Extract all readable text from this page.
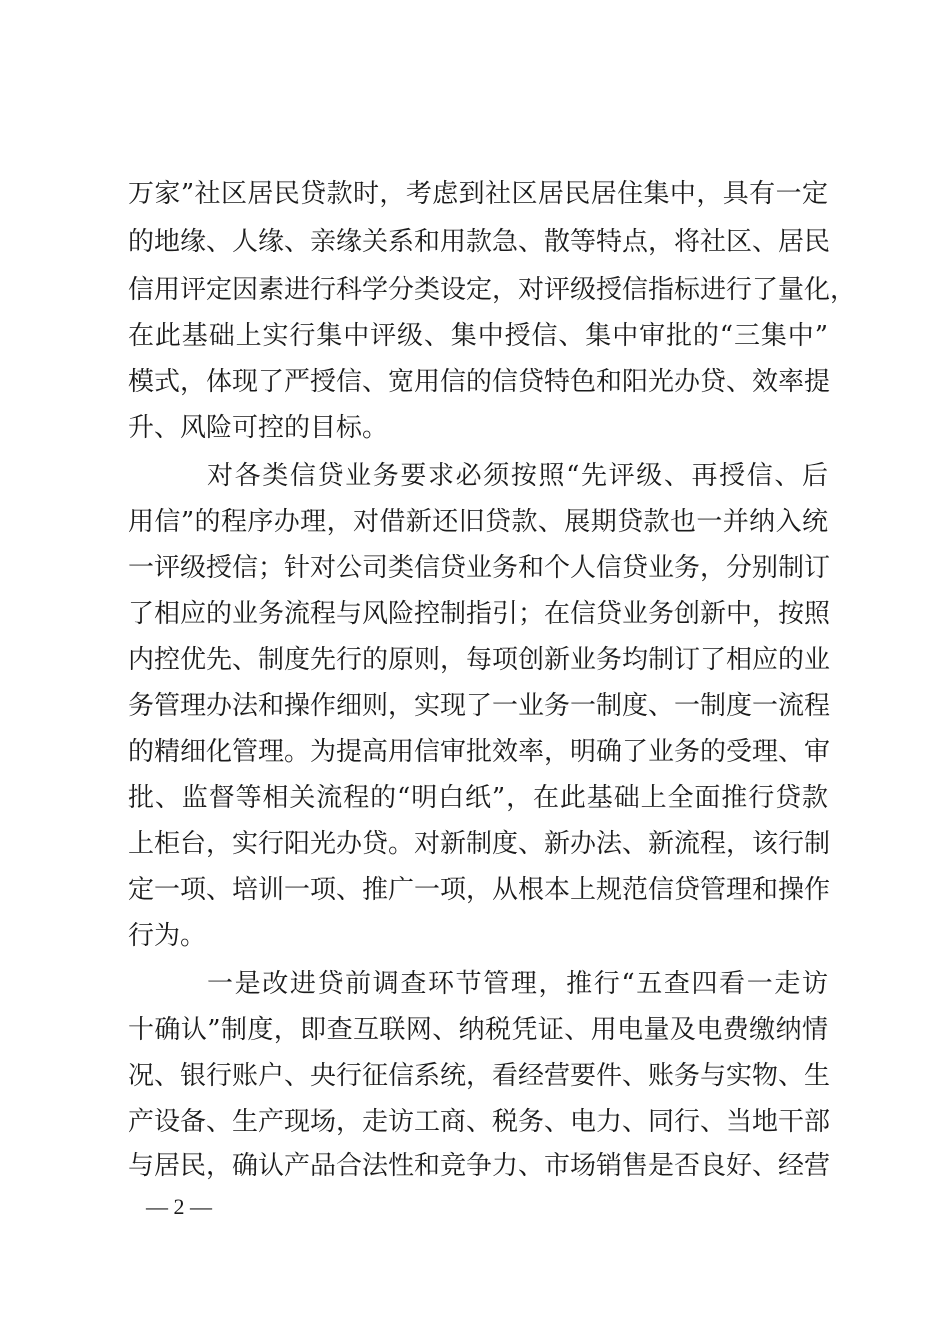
万家”社区居民贷款时，考虑到社区居民居住集中，具有一定
的地缘、人缘、亲缘关系和用款急、散等特点，将社区、居民
信用评定因素进行科学分类设定，对评级授信指标进行了量化，
在此基础上实行集中评级、集中授信、集中审批的“三集中”
模式，体现了严授信、宽用信的信贷特色和阳光办贷、效率提
升、风险可控的目标。
对各类信贷业务要求必须按照“先评级、再授信、后
用信”的程序办理，对借新还旧贷款、展期贷款也一并纳入统
一评级授信；针对公司类信贷业务和个人信贷业务，分别制订
了相应的业务流程与风险控制指引；在信贷业务创新中，按照
内控优先、制度先行的原则，每项创新业务均制订了相应的业
务管理办法和操作细则，实现了一业务一制度、一制度一流程
的精细化管理。为提高用信审批效率，明确了业务的受理、审
批、监督等相关流程的“明白纸”，在此基础上全面推行贷款
上柜台，实行阳光办贷。对新制度、新办法、新流程，该行制
定一项、培训一项、推广一项，从根本上规范信贷管理和操作
行为。
一是改进贷前调查环节管理，推行“五查四看一走访
十确认”制度，即查互联网、纳税凭证、用电量及电费缴纳情
况、银行账户、央行征信系统，看经营要件、账务与实物、生
产设备、生产现场，走访工商、税务、电力、同行、当地干部
与居民，确认产品合法性和竞争力、市场销售是否良好、经营
— 2 —
